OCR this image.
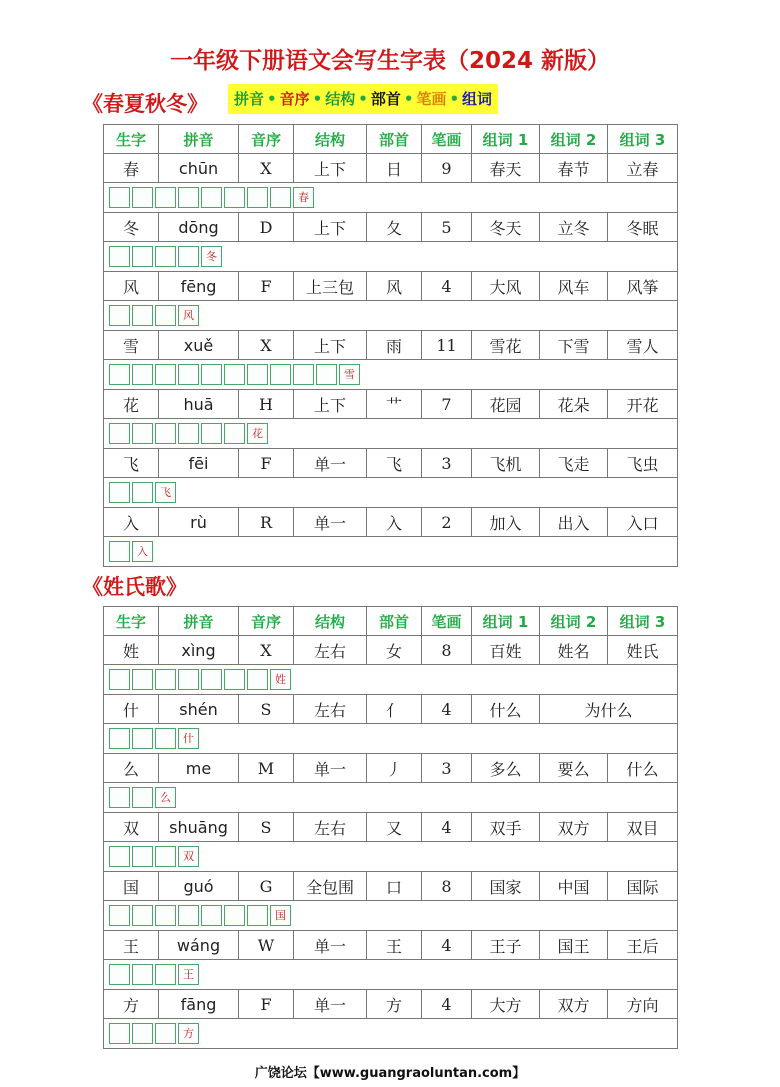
一年级下册语文会写生字表（2024 新版）
《春夏秋冬》	拼音 • 音序 • 结构 • 部首 • 笔画 • 组词
生字	拼音	音序	结构	部首	笔画	组词 1	组词 2	组词 3
春	chūn	X	上下	日	9	春天	春节	立春
春								
冬	dōng	D	上下	夂	5	冬天	立冬	冬眠
冬								
风	fēng	F	上三包	风	4	大风	风车	风筝
风								
雪	xuě	X	上下	雨	11	雪花	下雪	雪人
雪								
花	huā	H	上下	艹	7	花园	花朵	开花
花								
飞	fēi	F	单一	飞	3	飞机	飞走	飞虫
飞								
入	rù	R	单一	入	2	加入	出入	入口
入								
《姓氏歌》
生字	拼音	音序	结构	部首	笔画	组词 1	组词 2	组词 3
姓	xìng	X	左右	女	8	百姓	姓名	姓氏
姓								
什	shén	S	左右	亻	4	什么	为什么	
什								
么	me	M	单一	丿	3	多么	要么	什么
么								
双	shuāng	S	左右	又	4	双手	双方	双目
双								
国	guó	G	全包围	口	8	国家	中国	国际
国								
王	wáng	W	单一	王	4	王子	国王	王后
王								
方	fāng	F	单一	方	4	大方	双方	方向
方								
广饶论坛【www.guangraoluntan.com】
